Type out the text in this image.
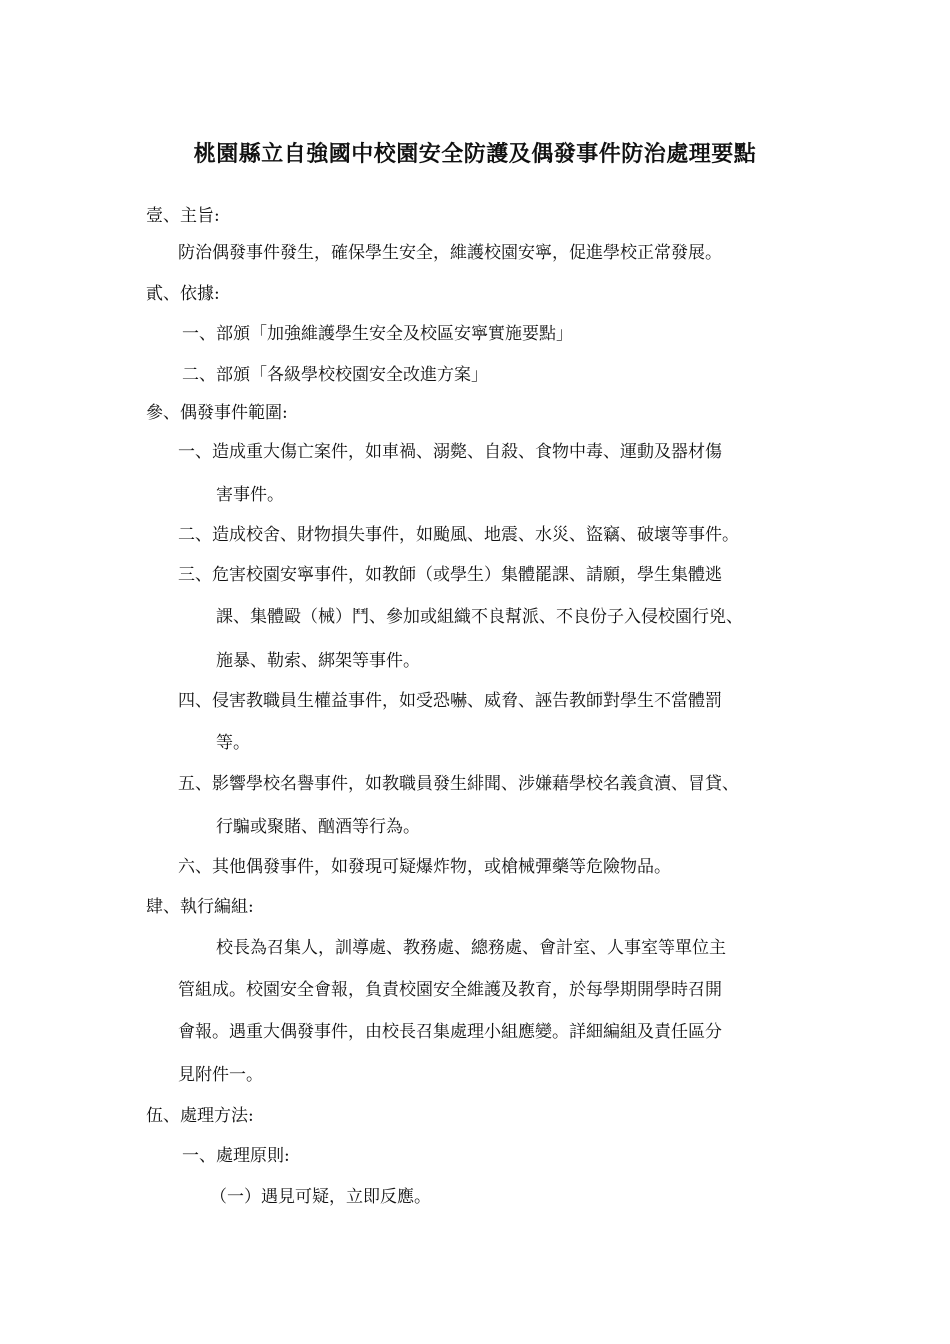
桃園縣立自強國中校園安全防護及偶發事件防治處理要點
壹、主旨:
防治偶發事件發生，確保學生安全，維護校園安寧，促進學校正常發展。
貳、依據:
一、部頒「加強維護學生安全及校區安寧實施要點」
二、部頒「各級學校校園安全改進方案」
參、偶發事件範圍:
一、造成重大傷亡案件，如車禍、溺斃、自殺、食物中毒、運動及器材傷
害事件。
二、造成校舍、財物損失事件，如颱風、地震、水災、盜竊、破壞等事件。
三、危害校園安寧事件，如教師（或學生）集體罷課、請願，學生集體逃
課、集體毆（械）鬥、參加或組織不良幫派、不良份子入侵校園行兇、
施暴、勒索、綁架等事件。
四、侵害教職員生權益事件，如受恐嚇、威脅、誣告教師對學生不當體罰
等。
五、影響學校名譽事件，如教職員發生緋聞、涉嫌藉學校名義貪瀆、冒貸、
行騙或聚賭、酗酒等行為。
六、其他偶發事件，如發現可疑爆炸物，或槍械彈藥等危險物品。
肆、執行編組:
校長為召集人，訓導處、教務處、總務處、會計室、人事室等單位主
管組成。校園安全會報，負責校園安全維護及教育，於每學期開學時召開
會報。遇重大偶發事件，由校長召集處理小組應變。詳細編組及責任區分
見附件一。
伍、處理方法:
一、處理原則:
（一）遇見可疑，立即反應。
